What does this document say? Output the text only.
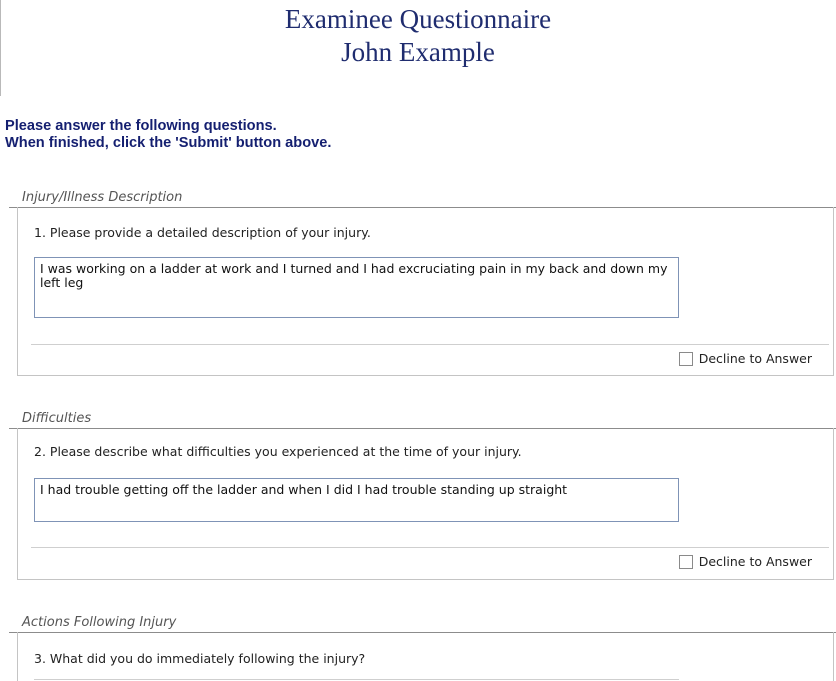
Examinee Questionnaire
John Example
Please answer the following questions.
When finished, click the 'Submit' button above.
Injury/Illness Description
1. Please provide a detailed description of your injury.
I was working on a ladder at work and I turned and I had excruciating pain in my back and down my left leg
Decline to Answer
Difficulties
2. Please describe what difficulties you experienced at the time of your injury.
I had trouble getting off the ladder and when I did I had trouble standing up straight
Decline to Answer
Actions Following Injury
3. What did you do immediately following the injury?
